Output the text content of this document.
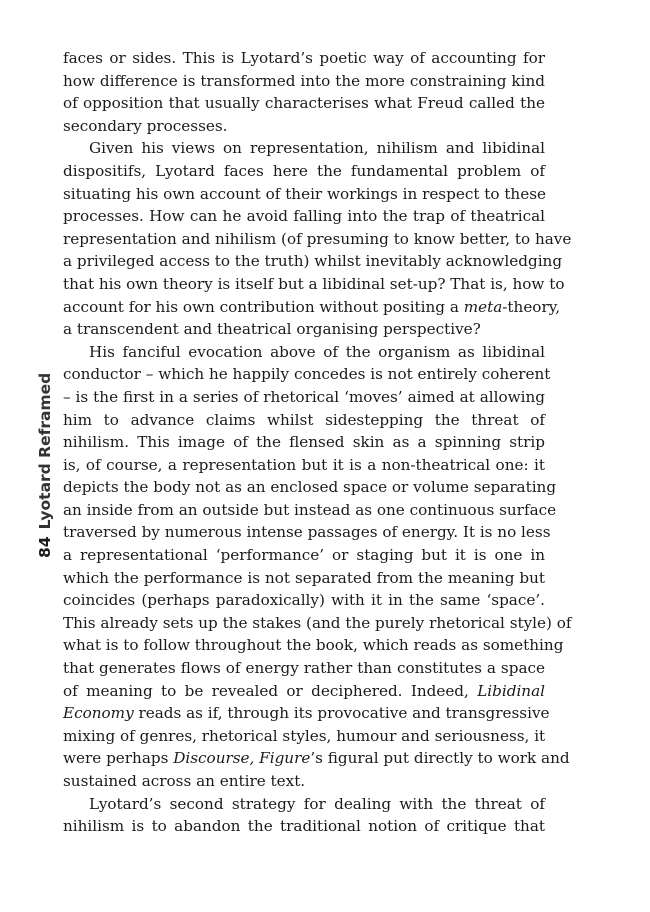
84Lyotard Reframed
faces or sides. This is Lyotard’s poetic way of accounting for
how difference is transformed into the more constraining kind
of opposition that usually characterises what Freud called the
secondary processes.
Given his views on representation, nihilism and libidinal
dispositifs, Lyotard faces here the fundamental problem of
situating his own account of their workings in respect to these
processes. How can he avoid falling into the trap of theatrical
representation and nihilism (of presuming to know better, to have
a privileged access to the truth) whilst inevitably acknowledging
that his own theory is itself but a libidinal set-up? That is, how to
account for his own contribution without positing a meta-theory,
a transcendent and theatrical organising perspective?
His fanciful evocation above of the organism as libidinal
conductor – which he happily concedes is not entirely coherent
– is the first in a series of rhetorical ‘moves’ aimed at allowing
him to advance claims whilst sidestepping the threat of
nihilism. This image of the flensed skin as a spinning strip
is, of course, a representation but it is a non-theatrical one: it
depicts the body not as an enclosed space or volume separating
an inside from an outside but instead as one continuous surface
traversed by numerous intense passages of energy. It is no less
a representational ‘performance’ or staging but it is one in
which the performance is not separated from the meaning but
coincides (perhaps paradoxically) with it in the same ‘space’.
This already sets up the stakes (and the purely rhetorical style) of
what is to follow throughout the book, which reads as something
that generates flows of energy rather than constitutes a space
of meaning to be revealed or deciphered. Indeed, Libidinal
Economy reads as if, through its provocative and transgressive
mixing of genres, rhetorical styles, humour and seriousness, it
were perhaps Discourse, Figure’s figural put directly to work and
sustained across an entire text.
Lyotard’s second strategy for dealing with the threat of
nihilism is to abandon the traditional notion of critique that
